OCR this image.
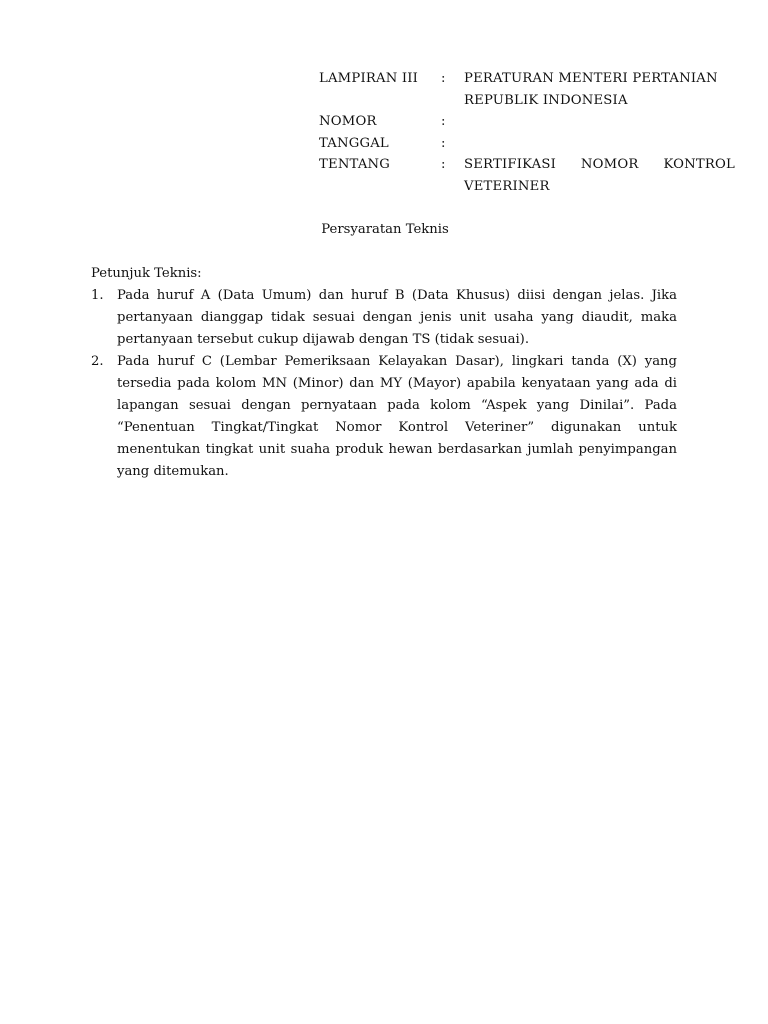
LAMPIRAN III	:	PERATURAN MENTERI PERTANIAN
REPUBLIK INDONESIA
NOMOR	:
TANGGAL	:
TENTANG	:	SERTIFIKASI NOMOR KONTROL
VETERINER
Persyaratan Teknis

Petunjuk Teknis:

1.	Pada huruf A (Data Umum) dan huruf B (Data Khusus) diisi dengan jelas. Jika pertanyaan dianggap tidak sesuai dengan jenis unit usaha yang diaudit, maka pertanyaan tersebut cukup dijawab dengan TS (tidak sesuai).
2.	Pada huruf C (Lembar Pemeriksaan Kelayakan Dasar), lingkari tanda (X) yang tersedia pada kolom MN (Minor) dan MY (Mayor) apabila kenyataan yang ada di lapangan sesuai dengan pernyataan pada kolom “Aspek yang Dinilai”. Pada “Penentuan Tingkat/Tingkat Nomor Kontrol Veteriner” digunakan untuk menentukan tingkat unit suaha produk hewan berdasarkan jumlah penyimpangan yang ditemukan.
